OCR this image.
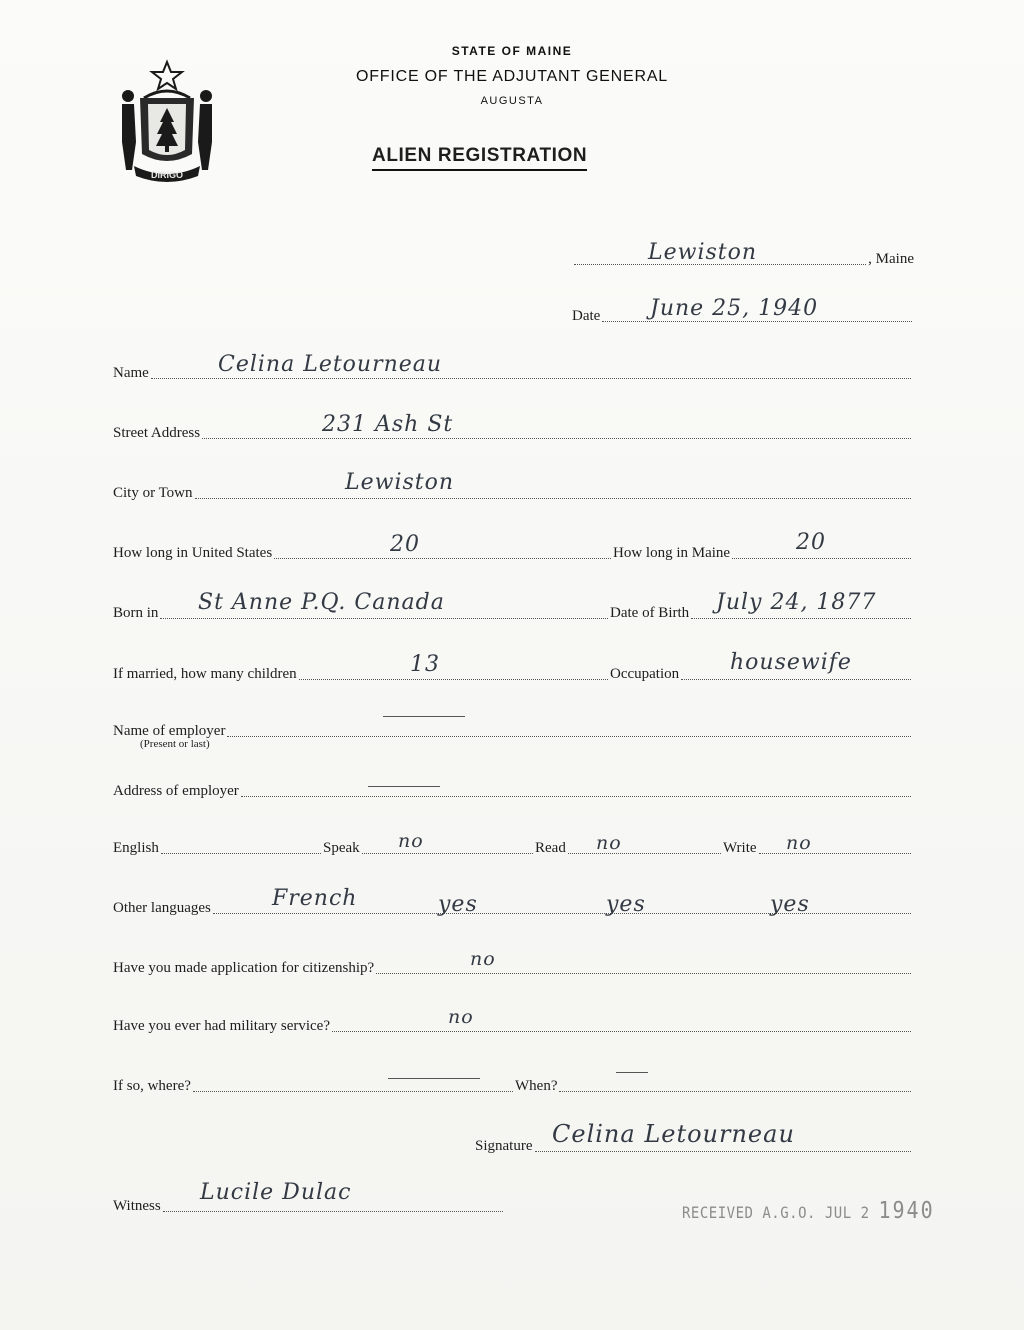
DIRIGO
STATE OF MAINE
OFFICE OF THE ADJUTANT GENERAL
AUGUSTA
ALIEN REGISTRATION
, Maine
Lewiston
Date June 25, 1940
Name	Celina Letourneau
Street Address	231 Ash St
City or Town	Lewiston
How long in United States	20	How long in Maine	20
Born in St Anne P.Q. Canada	Date of Birth July 24, 1877
If married, how many children	13	Occupation housewife
Name of employer
(Present or last)
Address of employer
English	Speak no	Read no	Write no
Other languages	French	yes	yes	yes
Have you made application for citizenship?	no
Have you ever had military service?	no
If so, where?	When?
Signature Celina Letourneau
Witness
Lucile Dulac
RECEIVED A.G.O. JUL 2 1940
